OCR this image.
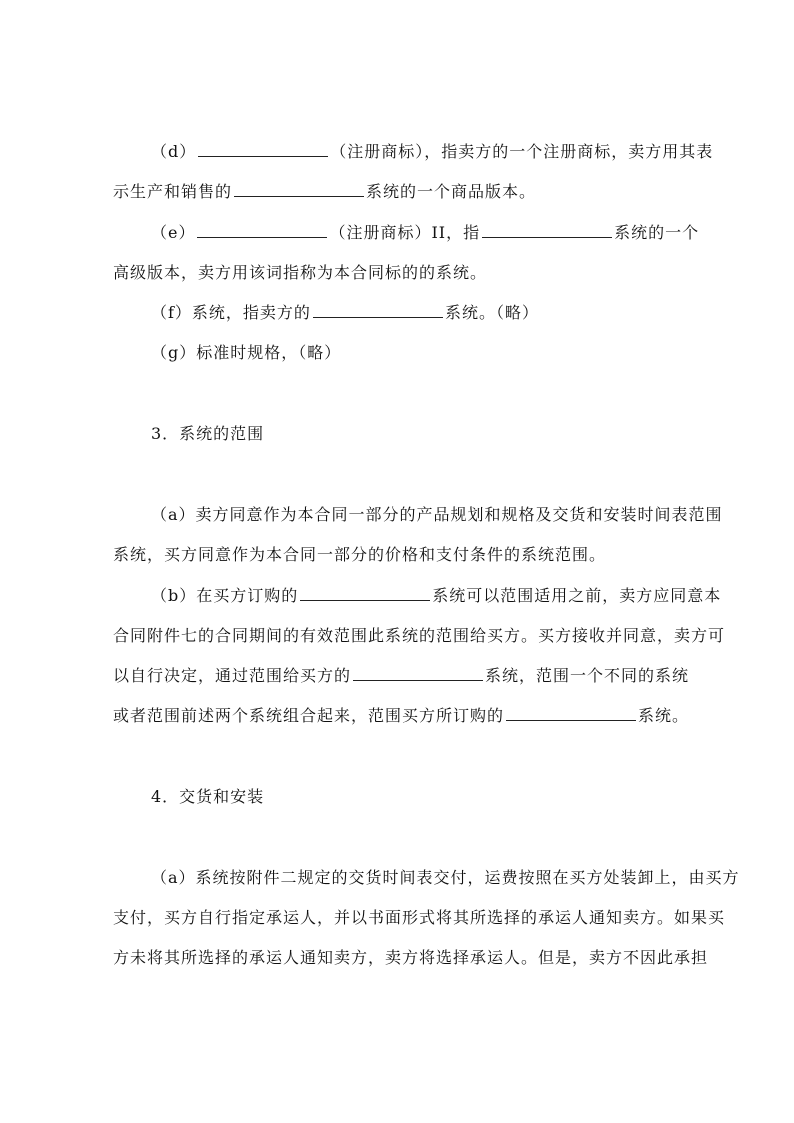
（d）	（注册商标），指卖方的一个注册商标，卖方用其表
示生产和销售的	系统的一个商品版本。
（e）	（注册商标）II，指	系统的一个
高级版本，卖方用该词指称为本合同标的的系统。
（f）系统，指卖方的	系统。（略）
（g）标准时规格，（略）
3．系统的范围
（a）卖方同意作为本合同一部分的产品规划和规格及交货和安装时间表范围
系统，买方同意作为本合同一部分的价格和支付条件的系统范围。
（b）在买方订购的	系统可以范围适用之前，卖方应同意本
合同附件七的合同期间的有效范围此系统的范围给买方。买方接收并同意，卖方可
以自行决定，通过范围给买方的	系统，范围一个不同的系统
或者范围前述两个系统组合起来，范围买方所订购的	系统。
4．交货和安装
（a）系统按附件二规定的交货时间表交付，运费按照在买方处装卸上，由买方
支付，买方自行指定承运人，并以书面形式将其所选择的承运人通知卖方。如果买
方未将其所选择的承运人通知卖方，卖方将选择承运人。但是，卖方不因此承担
